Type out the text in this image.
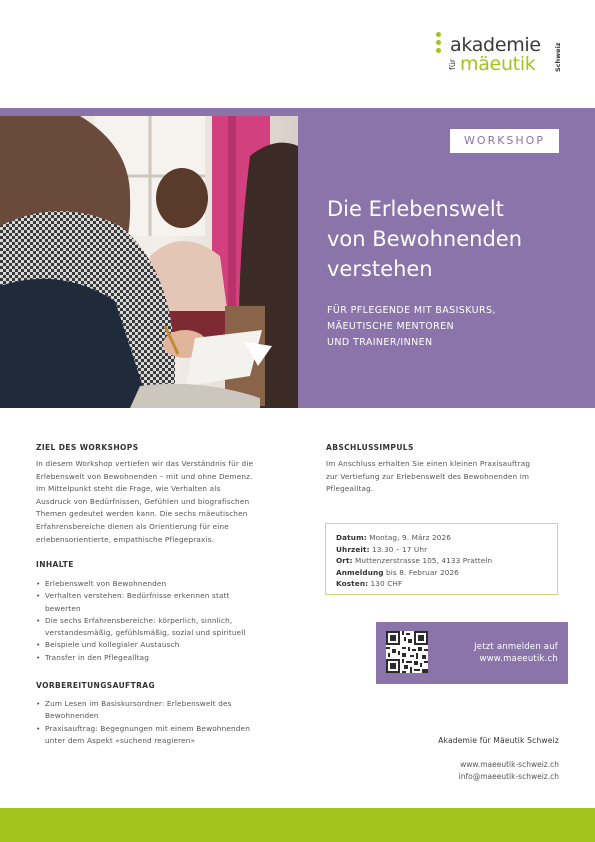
akademie
für mäeutik	Schweiz
WORKSHOP
Die Erlebenswelt
von Bewohnenden
verstehen
FÜR PFLEGENDE MIT BASISKURS,
MÄEUTISCHE MENTOREN
UND TRAINER/INNEN
ZIEL DES WORKSHOPS
In diesem Workshop vertiefen wir das Verständnis für die
Erlebenswelt von Bewohnenden – mit und ohne Demenz.
Im Mittelpunkt steht die Frage, wie Verhalten als
Ausdruck von Bedürfnissen, Gefühlen und biografischen
Themen gedeutet werden kann. Die sechs mäeutischen
Erfahrensbereiche dienen als Orientierung für eine
erlebensorientierte, empathische Pflegepraxis.
INHALTE
• Erlebenswelt von Bewohnenden
• Verhalten verstehen: Bedürfnisse erkennen statt
bewerten
• Die sechs Erfahrensbereiche: körperlich, sinnlich,
verstandesmäßig, gefühlsmäßig, sozial und spirituell
• Beispiele und kollegialer Austausch
• Transfer in den Pflegealltag
VORBEREITUNGSAUFTRAG
• Zum Lesen im Basiskursordner: Erlebenswelt des
Bewohnenden
• Praxisauftrag: Begegnungen mit einem Bewohnenden
unter dem Aspekt «suchend reagieren»
ABSCHLUSSIMPULS
Im Anschluss erhalten Sie einen kleinen Praxisauftrag
zur Vertiefung zur Erlebenswelt des Bewohnenden im
Pflegealltag.
Datum: Montag, 9. März 2026
Uhrzeit: 13.30 – 17 Uhr
Ort: Muttenzerstrasse 105, 4133 Pratteln
Anmeldung bis 8. Februar 2026
Kosten: 130 CHF
Jetzt anmelden auf
www.maeeutik.ch
Akademie für Mäeutik Schweiz
www.maeeutik-schweiz.ch
info@maeeutik-schweiz.ch
